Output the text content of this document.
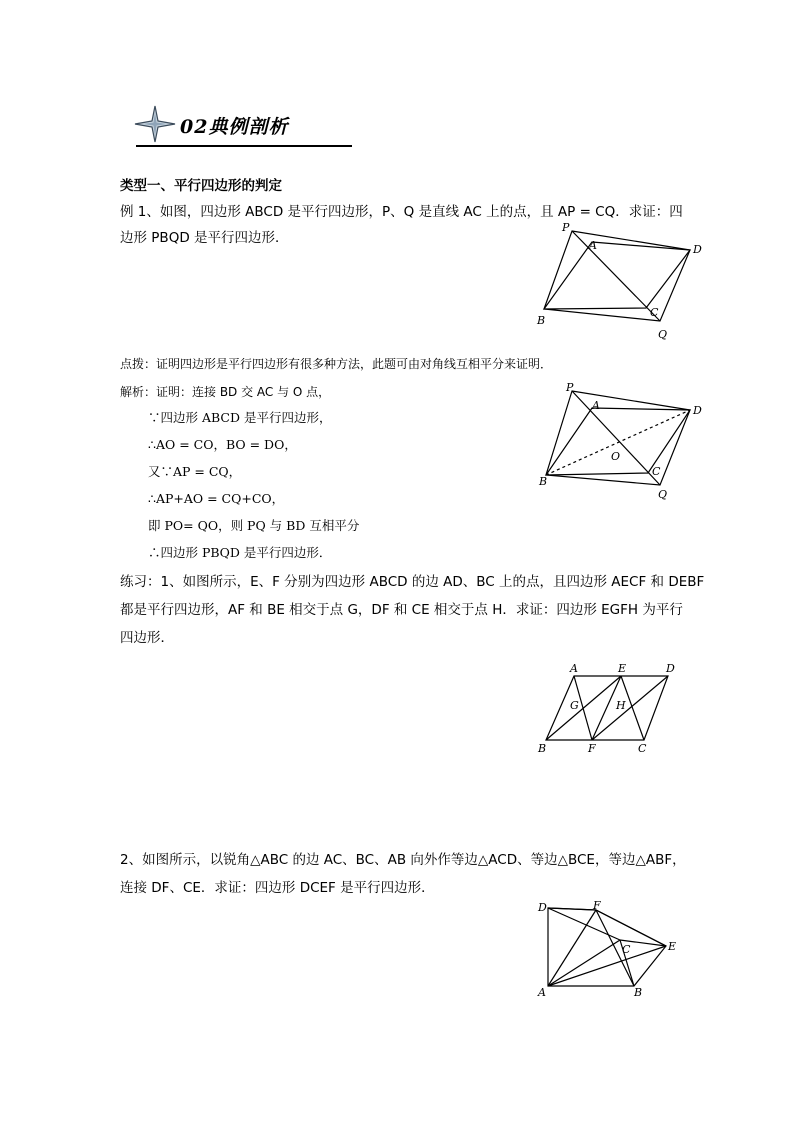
02典例剖析
类型一、平行四边形的判定
例 1、如图，四边形 ABCD 是平行四边形，P、Q 是直线 AC 上的点，且 AP = CQ．求证：四
边形 PBQD 是平行四边形．
P
A	D
B
C
Q
点拨：证明四边形是平行四边形有很多种方法，此题可由对角线互相平分来证明．
解析：证明：连接 BD 交 AC 与 O 点，
∵四边形 ABCD 是平行四边形，
∴AO = CO，BO = DO，
又∵AP = CQ，
∴AP+AO = CQ+CO，
即 PO= QO，则 PQ 与 BD 互相平分
∴四边形 PBQD 是平行四边形．
P
A	D
O
B
C
Q
练习：1、如图所示，E、F 分别为四边形 ABCD 的边 AD、BC 上的点，且四边形 AECF 和 DEBF
都是平行四边形，AF 和 BE 相交于点 G，DF 和 CE 相交于点 H．求证：四边形 EGFH 为平行
四边形．
A	E	D
G	H
B	F	C
2、如图所示，以锐角△ABC 的边 AC、BC、AB 向外作等边△ACD、等边△BCE，等边△ABF，
连接 DF、CE．求证：四边形 DCEF 是平行四边形．
D	F
C	E
A	B
